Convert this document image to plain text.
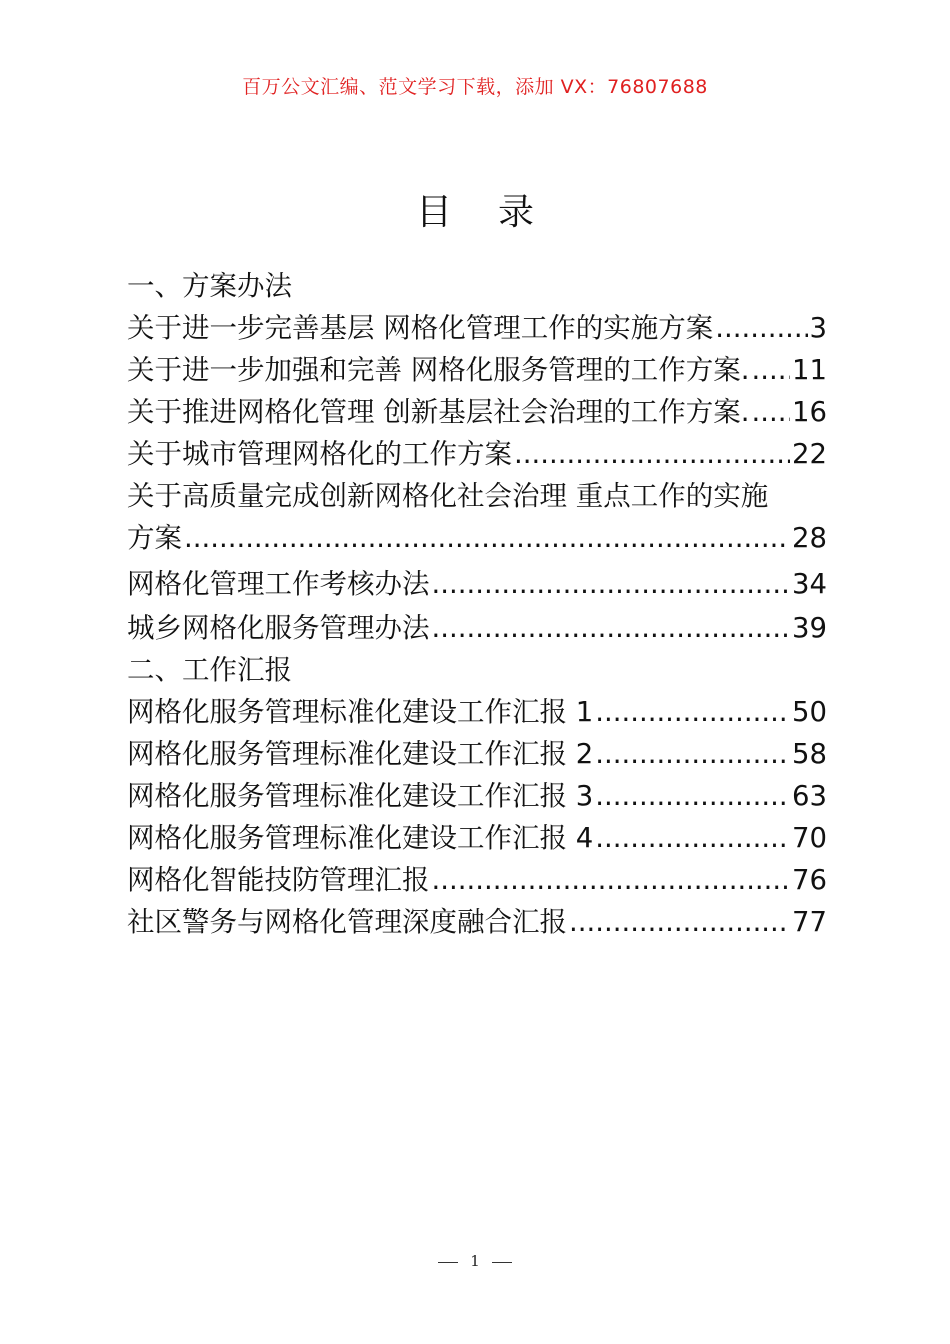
百万公文汇编、范文学习下载，添加 VX：76807688
目 录
一、方案办法
关于进一步完善基层 网格化管理工作的实施方案 .....	3
关于进一步加强和完善 网格化服务管理的工作方案. ..... 11
关于推进网格化管理 创新基层社会治理的工作方案. ..... 16
关于城市管理网格化的工作方案 .....	22
关于高质量完成创新网格化社会治理 重点工作的实施
方案 .....	28
网格化管理工作考核办法 .....	34
城乡网格化服务管理办法 .....	39
二、工作汇报
网格化服务管理标准化建设工作汇报 1 .....	50
网格化服务管理标准化建设工作汇报 2 .....	58
网格化服务管理标准化建设工作汇报 3 .....	63
网格化服务管理标准化建设工作汇报 4 .....	70
网格化智能技防管理汇报 .....	76
社区警务与网格化管理深度融合汇报 .....	77
1
